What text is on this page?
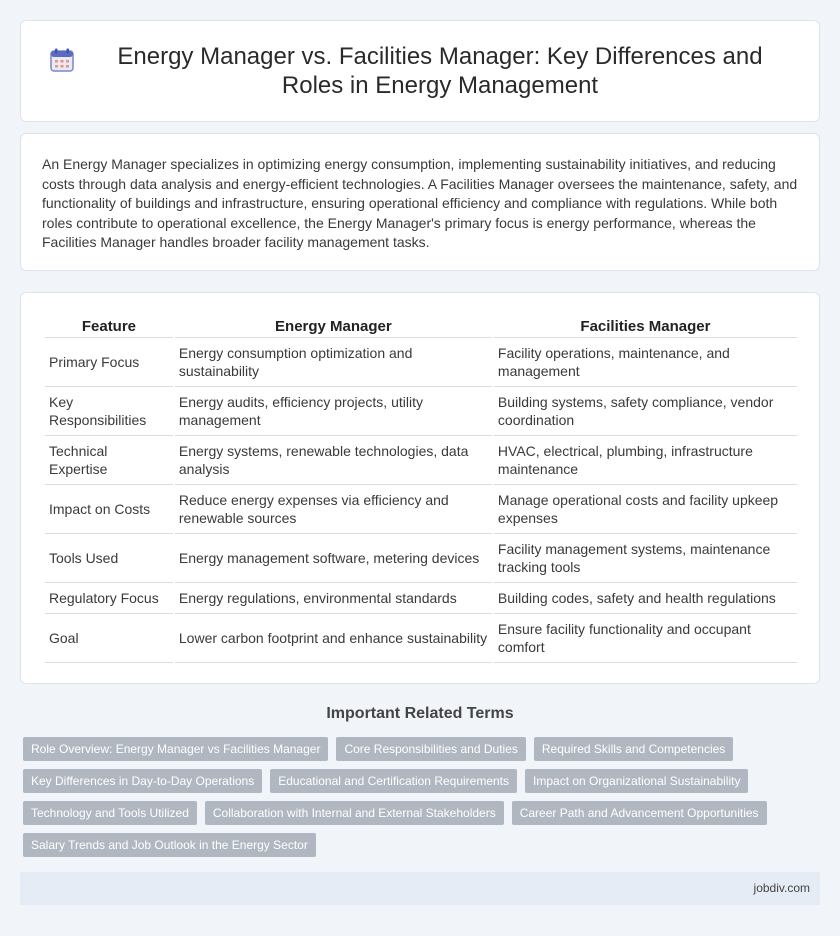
Energy Manager vs. Facilities Manager: Key Differences and Roles in Energy Management

An Energy Manager specializes in optimizing energy consumption, implementing sustainability initiatives, and reducing costs through data analysis and energy-efficient technologies. A Facilities Manager oversees the maintenance, safety, and functionality of buildings and infrastructure, ensuring operational efficiency and compliance with regulations. While both roles contribute to operational excellence, the Energy Manager's primary focus is energy performance, whereas the Facilities Manager handles broader facility management tasks.

Feature	Energy Manager	Facilities Manager
Primary Focus	Energy consumption optimization and sustainability	Facility operations, maintenance, and management
Key Responsibilities	Energy audits, efficiency projects, utility management	Building systems, safety compliance, vendor coordination
Technical Expertise	Energy systems, renewable technologies, data analysis	HVAC, electrical, plumbing, infrastructure maintenance
Impact on Costs	Reduce energy expenses via efficiency and renewable sources	Manage operational costs and facility upkeep expenses
Tools Used	Energy management software, metering devices	Facility management systems, maintenance tracking tools
Regulatory Focus	Energy regulations, environmental standards	Building codes, safety and health regulations
Goal	Lower carbon footprint and enhance sustainability	Ensure facility functionality and occupant comfort
Important Related Terms
Role Overview: Energy Manager vs Facilities Manager	Core Responsibilities and Duties	Required Skills and Competencies
Key Differences in Day-to-Day Operations	Educational and Certification Requirements	Impact on Organizational Sustainability
Technology and Tools Utilized	Collaboration with Internal and External Stakeholders	Career Path and Advancement Opportunities
Salary Trends and Job Outlook in the Energy Sector
jobdiv.com
